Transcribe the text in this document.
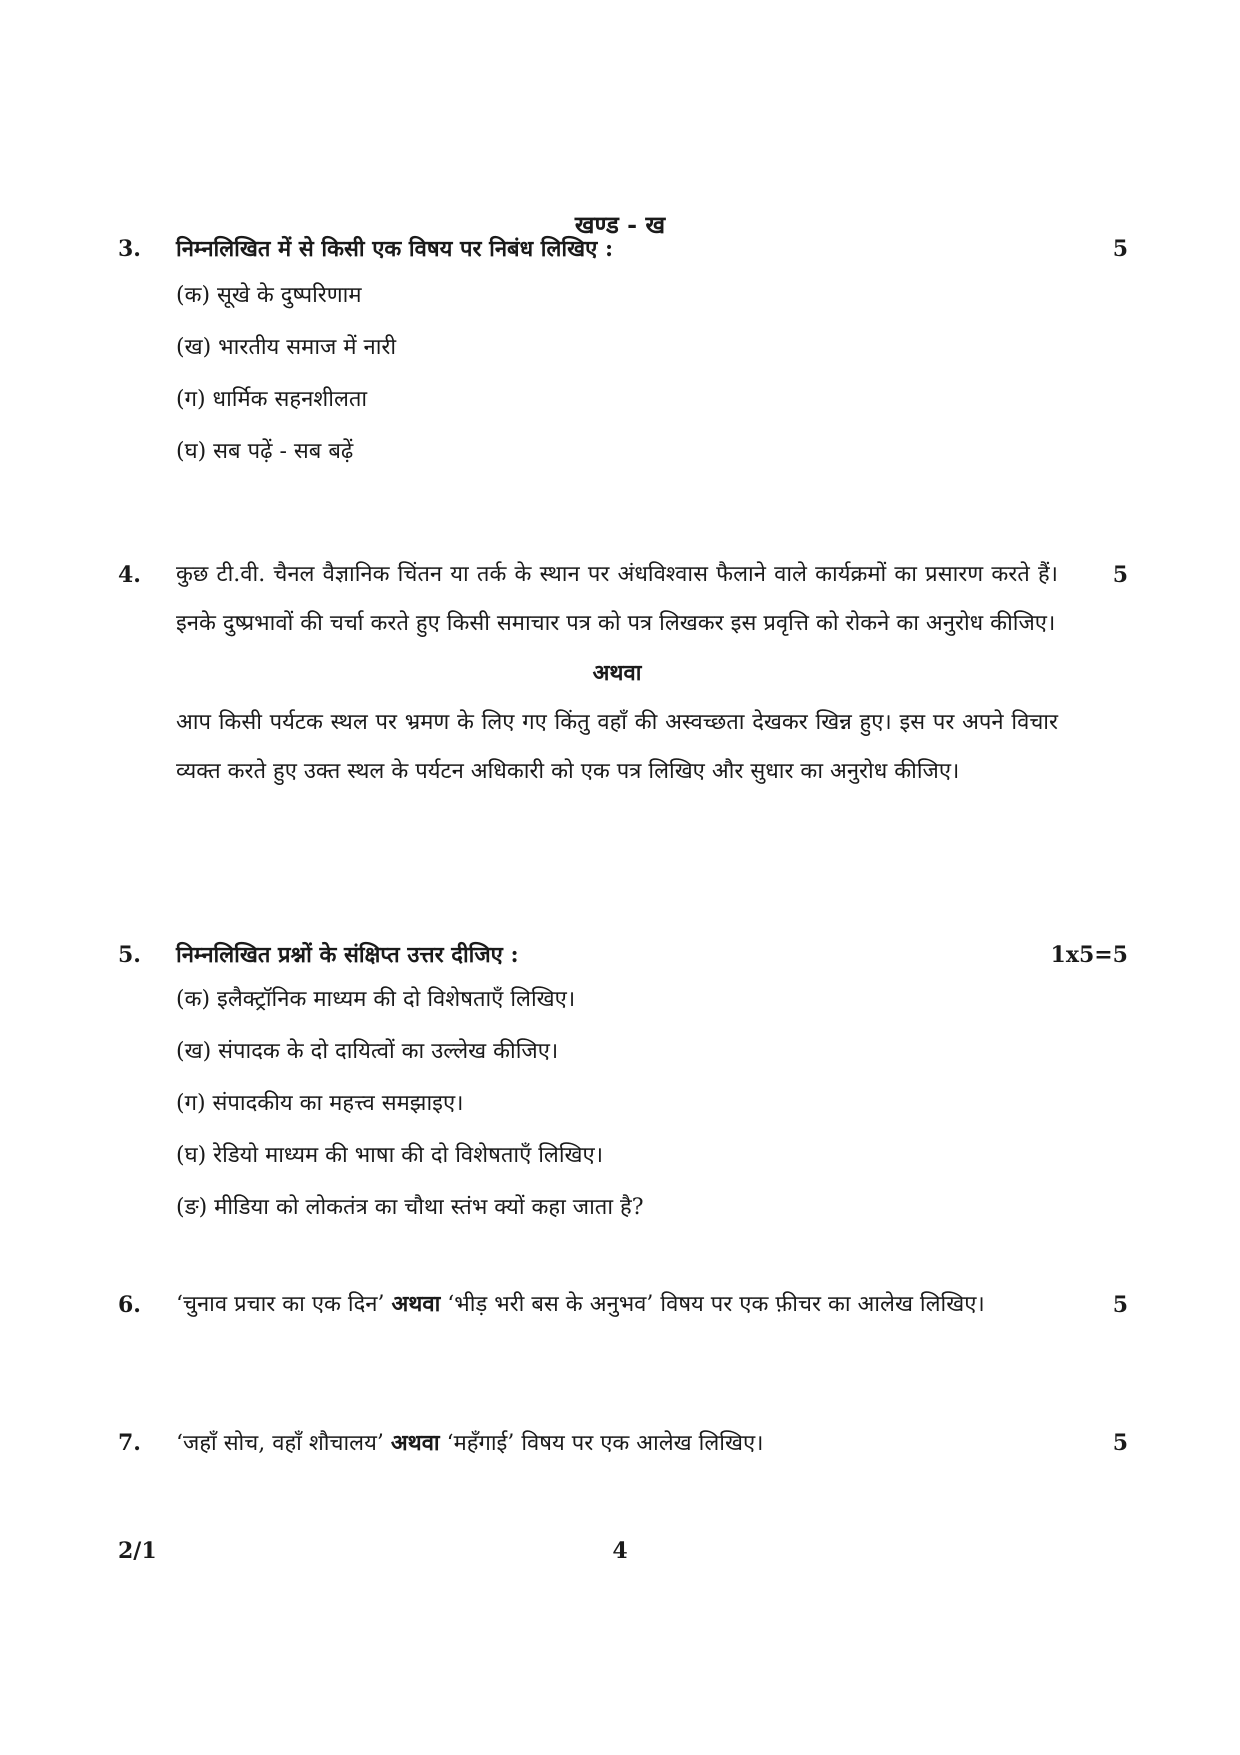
खण्ड - ख
3.	5
निम्नलिखित में से किसी एक विषय पर निबंध लिखिए :
(क) सूखे के दुष्परिणाम
(ख) भारतीय समाज में नारी
(ग) धार्मिक सहनशीलता
(घ) सब पढ़ें - सब बढ़ें
4.	5
कुछ टी.वी. चैनल वैज्ञानिक चिंतन या तर्क के स्थान पर अंधविश्वास फैलाने वाले कार्यक्रमों का प्रसारण करते हैं। इनके दुष्प्रभावों की चर्चा करते हुए किसी समाचार पत्र को पत्र लिखकर इस प्रवृत्ति को रोकने का अनुरोध कीजिए।
अथवा
आप किसी पर्यटक स्थल पर भ्रमण के लिए गए किंतु वहाँ की अस्वच्छता देखकर खिन्न हुए। इस पर अपने विचार व्यक्त करते हुए उक्त स्थल के पर्यटन अधिकारी को एक पत्र लिखिए और सुधार का अनुरोध कीजिए।
5.	1x5=5
निम्नलिखित प्रश्नों के संक्षिप्त उत्तर दीजिए :
(क) इलैक्ट्रॉनिक माध्यम की दो विशेषताएँ लिखिए।
(ख) संपादक के दो दायित्वों का उल्लेख कीजिए।
(ग) संपादकीय का महत्त्व समझाइए।
(घ) रेडियो माध्यम की भाषा की दो विशेषताएँ लिखिए।
(ङ) मीडिया को लोकतंत्र का चौथा स्तंभ क्यों कहा जाता है?
6.	5
‘चुनाव प्रचार का एक दिन’ अथवा ‘भीड़ भरी बस के अनुभव’ विषय पर एक फ़ीचर का आलेख लिखिए।
7.	5
‘जहाँ सोच, वहाँ शौचालय’ अथवा ‘महँगाई’ विषय पर एक आलेख लिखिए।
2/1	4
